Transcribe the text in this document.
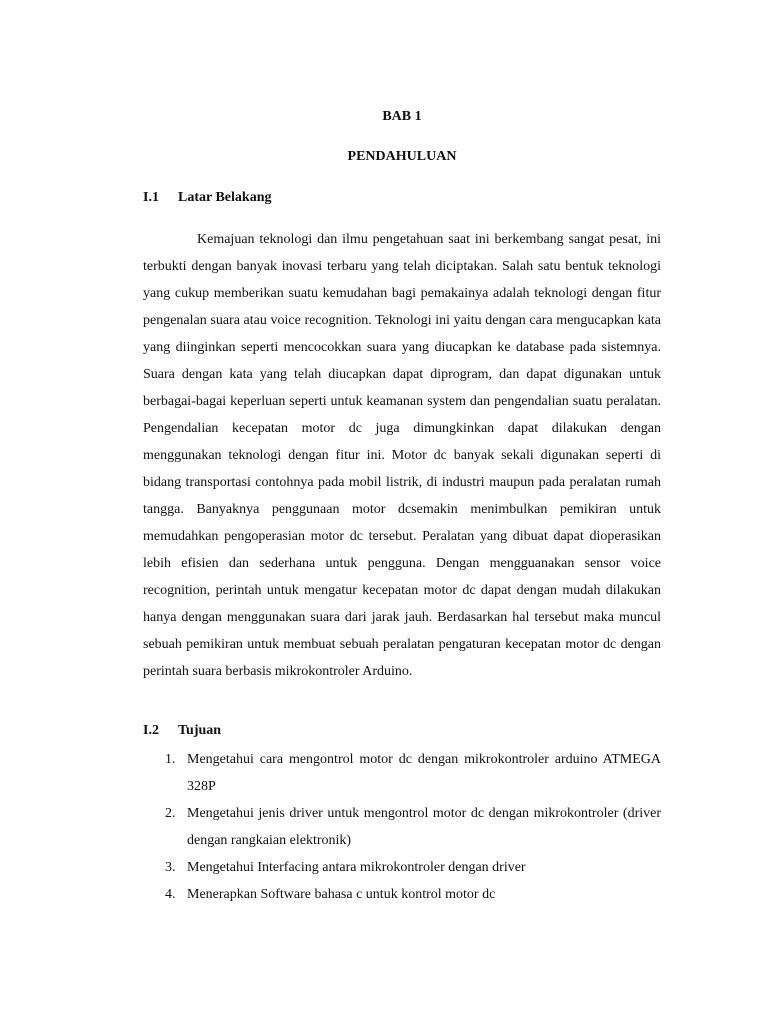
BAB 1
PENDAHULUAN
I.1 Latar Belakang

Kemajuan teknologi dan ilmu pengetahuan saat ini berkembang sangat pesat, ini terbukti dengan banyak inovasi terbaru yang telah diciptakan. Salah satu bentuk teknologi yang cukup memberikan suatu kemudahan bagi pemakainya adalah teknologi dengan fitur pengenalan suara atau voice recognition. Teknologi ini yaitu dengan cara mengucapkan kata yang diinginkan seperti mencocokkan suara yang diucapkan ke database pada sistemnya. Suara dengan kata yang telah diucapkan dapat diprogram, dan dapat digunakan untuk berbagai-bagai keperluan seperti untuk keamanan system dan pengendalian suatu peralatan. Pengendalian kecepatan motor dc juga dimungkinkan dapat dilakukan dengan menggunakan teknologi dengan fitur ini. Motor dc banyak sekali digunakan seperti di bidang transportasi contohnya pada mobil listrik, di industri maupun pada peralatan rumah tangga. Banyaknya penggunaan motor dcsemakin menimbulkan pemikiran untuk memudahkan pengoperasian motor dc tersebut. Peralatan yang dibuat dapat dioperasikan lebih efisien dan sederhana untuk pengguna. Dengan mengguanakan sensor voice recognition, perintah untuk mengatur kecepatan motor dc dapat dengan mudah dilakukan hanya dengan menggunakan suara dari jarak jauh. Berdasarkan hal tersebut maka muncul sebuah pemikiran untuk membuat sebuah peralatan pengaturan kecepatan motor dc dengan perintah suara berbasis mikrokontroler Arduino.

I.2 Tujuan
1. Mengetahui cara mengontrol motor dc dengan mikrokontroler arduino ATMEGA 328P
2. Mengetahui jenis driver untuk mengontrol motor dc dengan mikrokontroler (driver dengan rangkaian elektronik)
3. Mengetahui Interfacing antara mikrokontroler dengan driver
4. Menerapkan Software bahasa c untuk kontrol motor dc
